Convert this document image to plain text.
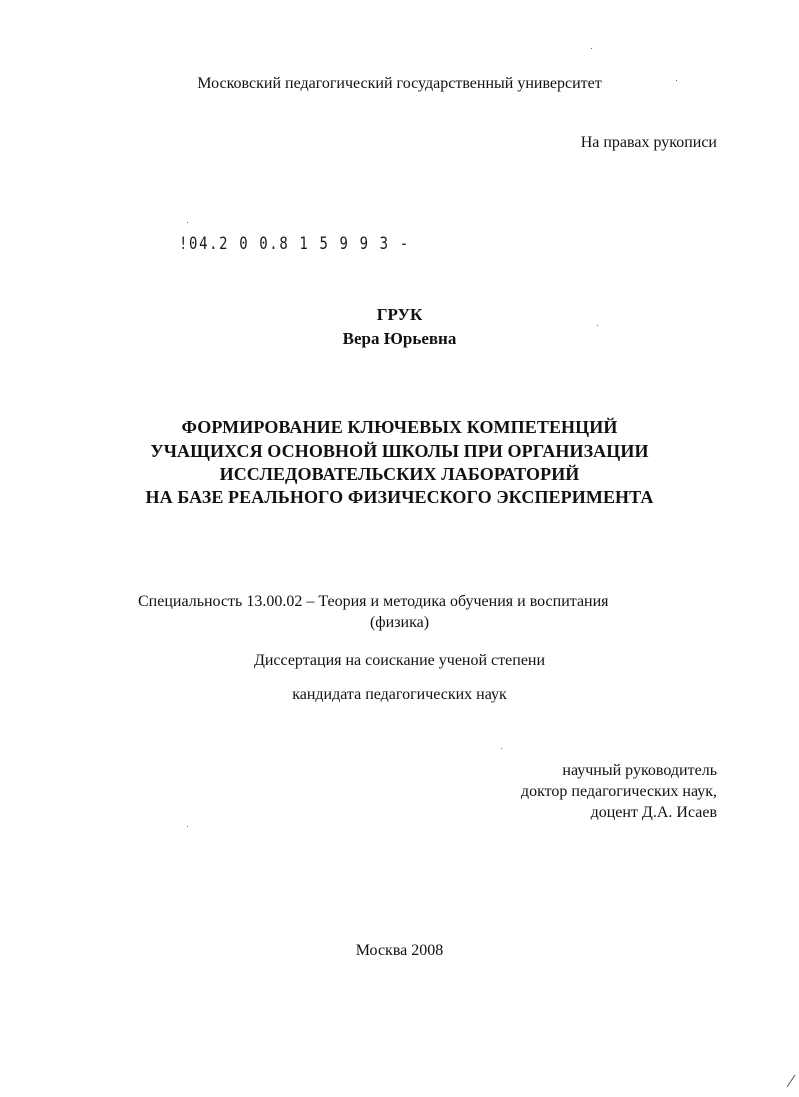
Московский педагогический государственный университет
На правах рукописи
!04.2 0 0.8 1 5 9 9 3 -
ГРУК
Вера Юрьевна
ФОРМИРОВАНИЕ КЛЮЧЕВЫХ КОМПЕТЕНЦИЙ
УЧАЩИХСЯ ОСНОВНОЙ ШКОЛЫ ПРИ ОРГАНИЗАЦИИ
ИССЛЕДОВАТЕЛЬСКИХ ЛАБОРАТОРИЙ
НА БАЗЕ РЕАЛЬНОГО ФИЗИЧЕСКОГО ЭКСПЕРИМЕНТА
Специальность 13.00.02 – Теория и методика обучения и воспитания
(физика)
Диссертация на соискание ученой степени
кандидата педагогических наук
научный руководитель
доктор педагогических наук,
доцент Д.А. Исаев
Москва 2008
